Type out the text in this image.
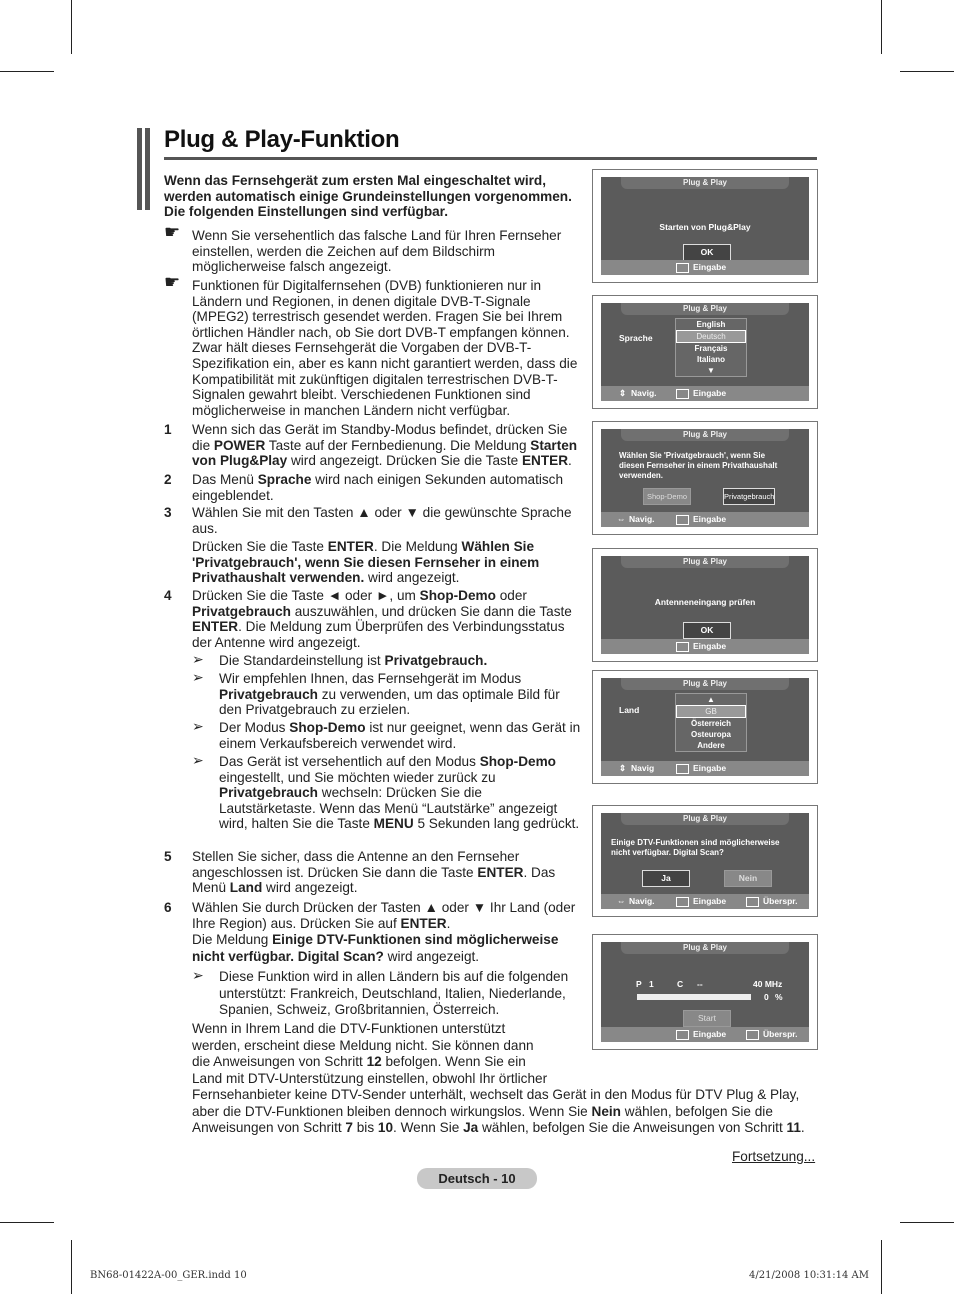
Plug & Play-Funktion
Wenn das Fernsehgerät zum ersten Mal eingeschaltet wird, werden automatisch einige Grundeinstellungen vorgenommen. Die folgenden Einstellungen sind verfügbar.
☛ Wenn Sie versehentlich das falsche Land für Ihren Fernseher einstellen, werden die Zeichen auf dem Bildschirm möglicherweise falsch angezeigt.
☛ Funktionen für Digitalfernsehen (DVB) funktionieren nur in Ländern und Regionen, in denen digitale DVB-T-Signale (MPEG2) terrestrisch gesendet werden. Fragen Sie bei Ihrem örtlichen Händler nach, ob Sie dort DVB-T empfangen können. Zwar hält dieses Fernsehgerät die Vorgaben der DVB-T-Spezifikation ein, aber es kann nicht garantiert werden, dass die Kompatibilität mit zukünftigen digitalen terrestrischen DVB-T-Signalen gewahrt bleibt. Verschiedenen Funktionen sind möglicherweise in manchen Ländern nicht verfügbar.
1 Wenn sich das Gerät im Standby-Modus befindet, drücken Sie die POWER Taste auf der Fernbedienung. Die Meldung Starten von Plug&Play wird angezeigt. Drücken Sie die Taste ENTER.
2 Das Menü Sprache wird nach einigen Sekunden automatisch eingeblendet.
3 Wählen Sie mit den Tasten ▲ oder ▼ die gewünschte Sprache aus.
Drücken Sie die Taste ENTER. Die Meldung Wählen Sie 'Privatgebrauch', wenn Sie diesen Fernseher in einem Privathaushalt verwenden. wird angezeigt.
4 Drücken Sie die Taste ◄ oder ►, um Shop-Demo oder Privatgebrauch auszuwählen, und drücken Sie dann die Taste ENTER. Die Meldung zum Überprüfen des Verbindungsstatus der Antenne wird angezeigt.
➢ Die Standardeinstellung ist Privatgebrauch.
➢ Wir empfehlen Ihnen, das Fernsehgerät im Modus Privatgebrauch zu verwenden, um das optimale Bild für den Privatgebrauch zu erzielen.
➢ Der Modus Shop-Demo ist nur geeignet, wenn das Gerät in einem Verkaufsbereich verwendet wird.
➢ Das Gerät ist versehentlich auf den Modus Shop-Demo eingestellt, und Sie möchten wieder zurück zu Privatgebrauch wechseln: Drücken Sie die Lautstärketaste. Wenn das Menü “Lautstärke” angezeigt wird, halten Sie die Taste MENU 5 Sekunden lang gedrückt.
5 Stellen Sie sicher, dass die Antenne an den Fernseher angeschlossen ist. Drücken Sie dann die Taste ENTER. Das Menü Land wird angezeigt.
6 Wählen Sie durch Drücken der Tasten ▲ oder ▼ Ihr Land (oder Ihre Region) aus. Drücken Sie auf ENTER.
Die Meldung Einige DTV-Funktionen sind möglicherweise nicht verfügbar. Digital Scan? wird angezeigt.
➢ Diese Funktion wird in allen Ländern bis auf die folgenden unterstützt: Frankreich, Deutschland, Italien, Niederlande, Spanien, Schweiz, Großbritannien, Österreich.
Wenn in Ihrem Land die DTV-Funktionen unterstützt
werden, erscheint diese Meldung nicht. Sie können dann
die Anweisungen von Schritt 12 befolgen. Wenn Sie ein
Land mit DTV-Unterstützung einstellen, obwohl Ihr örtlicher
Fernsehanbieter keine DTV-Sender unterhält, wechselt das Gerät in den Modus für DTV Plug & Play,
aber die DTV-Funktionen bleiben dennoch wirkungslos. Wenn Sie Nein wählen, befolgen Sie die
Anweisungen von Schritt 7 bis 10. Wenn Sie Ja wählen, befolgen Sie die Anweisungen von Schritt 11.
Plug & Play
Starten von Plug&Play
OK
Eingabe
Plug & Play
Sprache
English
Deutsch
Français
Italiano
▼
⇕ Navig.	Eingabe
Plug & Play
Wählen Sie 'Privatgebrauch', wenn Sie diesen Fernseher in einem Privathaushalt verwenden.
Shop-Demo	Privatgebrauch
⇔ Navig.	Eingabe
Plug & Play
Antenneneingang prüfen
OK
Eingabe
Plug & Play
Land
▲
GB
Österreich
Osteuropa
Andere
⇕ Navig	Eingabe
Plug & Play
Einige DTV-Funktionen sind möglicherweise nicht verfügbar. Digital Scan?
Ja	Nein
⇔ Navig.	Eingabe	Überspr.
Plug & Play
P 1	C --	40 MHz
0 %
Start
Eingabe	Überspr.
Fortsetzung...
Deutsch - 10
BN68-01422A-00_GER.indd 10	4/21/2008 10:31:14 AM
